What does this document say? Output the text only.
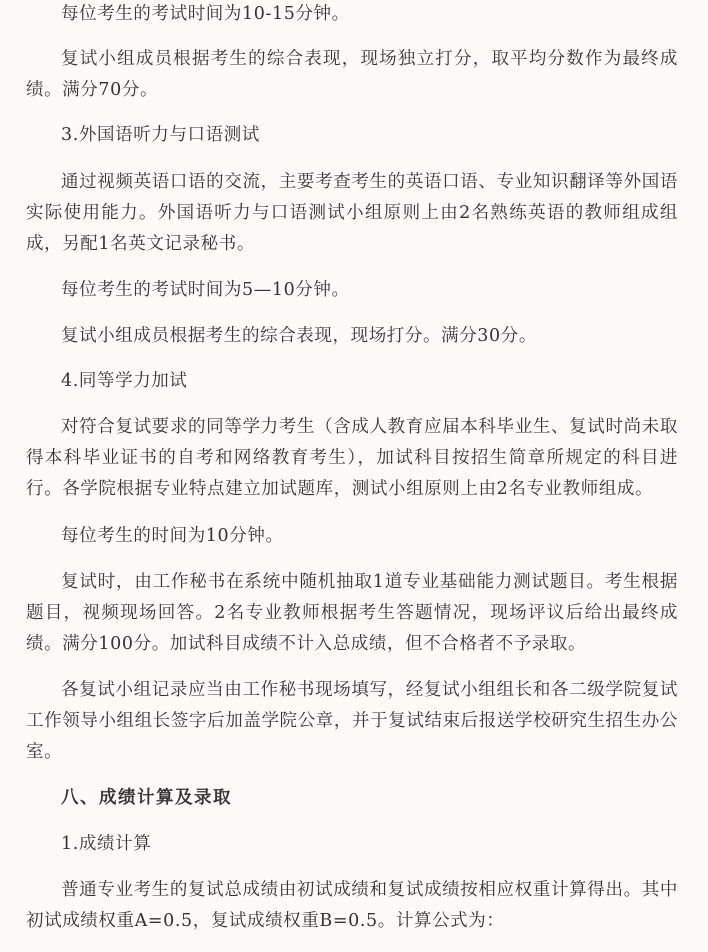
每位考生的考试时间为10-15分钟。

复试小组成员根据考生的综合表现，现场独立打分，取平均分数作为最终成绩。满分70分。

3.外国语听力与口语测试

通过视频英语口语的交流，主要考查考生的英语口语、专业知识翻译等外国语实际使用能力。外国语听力与口语测试小组原则上由2名熟练英语的教师组成组成，另配1名英文记录秘书。

每位考生的考试时间为5—10分钟。

复试小组成员根据考生的综合表现，现场打分。满分30分。

4.同等学力加试

对符合复试要求的同等学力考生（含成人教育应届本科毕业生、复试时尚未取得本科毕业证书的自考和网络教育考生），加试科目按招生简章所规定的科目进行。各学院根据专业特点建立加试题库，测试小组原则上由2名专业教师组成。

每位考生的时间为10分钟。

复试时，由工作秘书在系统中随机抽取1道专业基础能力测试题目。考生根据题目，视频现场回答。2名专业教师根据考生答题情况，现场评议后给出最终成绩。满分100分。加试科目成绩不计入总成绩，但不合格者不予录取。

各复试小组记录应当由工作秘书现场填写，经复试小组组长和各二级学院复试工作领导小组组长签字后加盖学院公章，并于复试结束后报送学校研究生招生办公室。

八、成绩计算及录取

1.成绩计算

普通专业考生的复试总成绩由初试成绩和复试成绩按相应权重计算得出。其中初试成绩权重A=0.5，复试成绩权重B=0.5。计算公式为：
